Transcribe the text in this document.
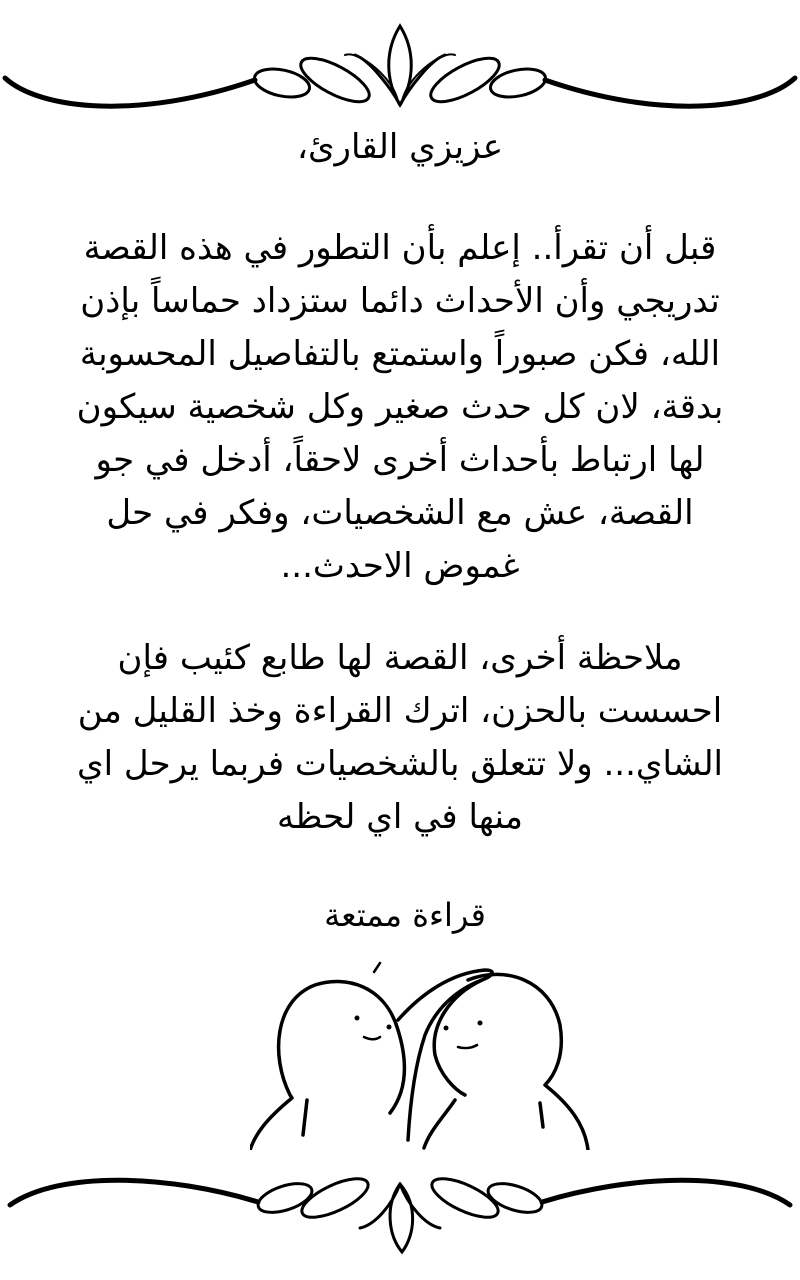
عزيزي القارئ،
قبل أن تقرأ.. إعلم بأن التطور في هذه القصة
تدريجي وأن الأحداث دائما ستزداد حماساً بإذن
الله، فكن صبوراً واستمتع بالتفاصيل المحسوبة
بدقة، لان كل حدث صغير وكل شخصية سيكون
لها ارتباط بأحداث أخرى لاحقاً، أدخل في جو
القصة، عش مع الشخصيات، وفكر في حل
غموض الاحدث...
ملاحظة أخرى، القصة لها طابع كئيب فإن
احسست بالحزن، اترك القراءة وخذ القليل من
الشاي... ولا تتعلق بالشخصيات فربما يرحل اي
منها في اي لحظه
قراءة ممتعة
